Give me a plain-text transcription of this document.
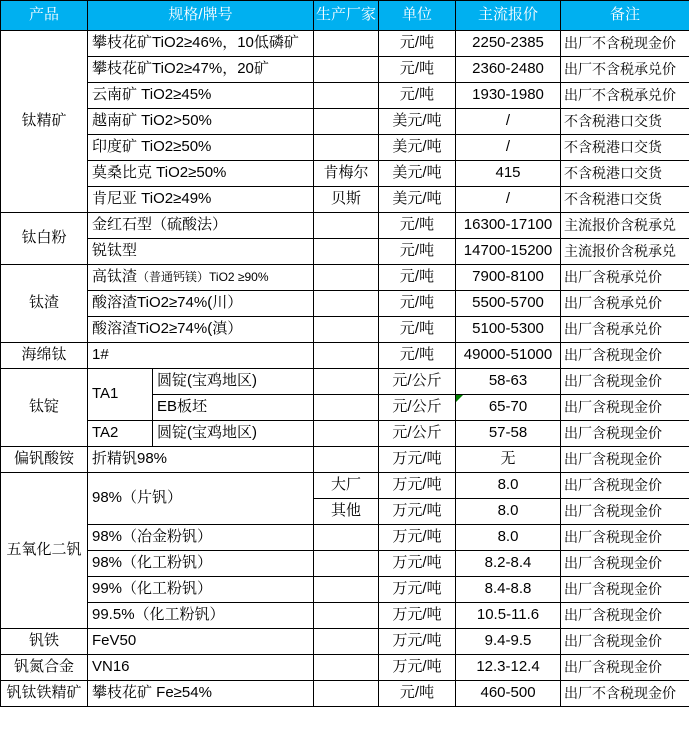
产品	规格/牌号		生产厂家	单位	主流报价	备注
钛精矿	攀枝花矿TiO2≥46%，10低磷矿			元/吨	2250-2385	出厂不含税现金价
	攀枝花矿TiO2≥47%，20矿			元/吨	2360-2480	出厂不含税承兑价
	云南矿 TiO2≥45%			元/吨	1930-1980	出厂不含税承兑价
	越南矿 TiO2>50%			美元/吨	/	不含税港口交货
	印度矿 TiO2≥50%			美元/吨	/	不含税港口交货
	莫桑比克 TiO2≥50%		肯梅尔	美元/吨	415	不含税港口交货
	肯尼亚 TiO2≥49%		贝斯	美元/吨	/	不含税港口交货
钛白粉	金红石型（硫酸法）			元/吨	16300-17100	主流报价含税承兑
	锐钛型			元/吨	14700-15200	主流报价含税承兑
钛渣	高钛渣（普通钙镁）TiO2 ≥90%			元/吨	7900-8100	出厂含税承兑价
	酸溶渣TiO2≥74%(川）			元/吨	5500-5700	出厂含税承兑价
	酸溶渣TiO2≥74%(滇）			元/吨	5100-5300	出厂含税承兑价
海绵钛	1#			元/吨	49000-51000	出厂含税现金价
钛锭	TA1	圆锭(宝鸡地区)		元/公斤	58-63	出厂含税现金价
		EB板坯		元/公斤	65-70	出厂含税现金价
	TA2	圆锭(宝鸡地区)		元/公斤	57-58	出厂含税现金价
偏钒酸铵	折精钒98%			万元/吨	无	出厂含税现金价
五氧化二钒	98%（片钒）		大厂	万元/吨	8.0	出厂含税现金价
			其他	万元/吨	8.0	出厂含税现金价
	98%（冶金粉钒）			万元/吨	8.0	出厂含税现金价
	98%（化工粉钒）			万元/吨	8.2-8.4	出厂含税现金价
	99%（化工粉钒）			万元/吨	8.4-8.8	出厂含税现金价
	99.5%（化工粉钒）			万元/吨	10.5-11.6	出厂含税现金价
钒铁	FeV50			万元/吨	9.4-9.5	出厂含税现金价
钒氮合金	VN16			万元/吨	12.3-12.4	出厂含税现金价
钒钛铁精矿	攀枝花矿 Fe≥54%			元/吨	460-500	出厂不含税现金价
